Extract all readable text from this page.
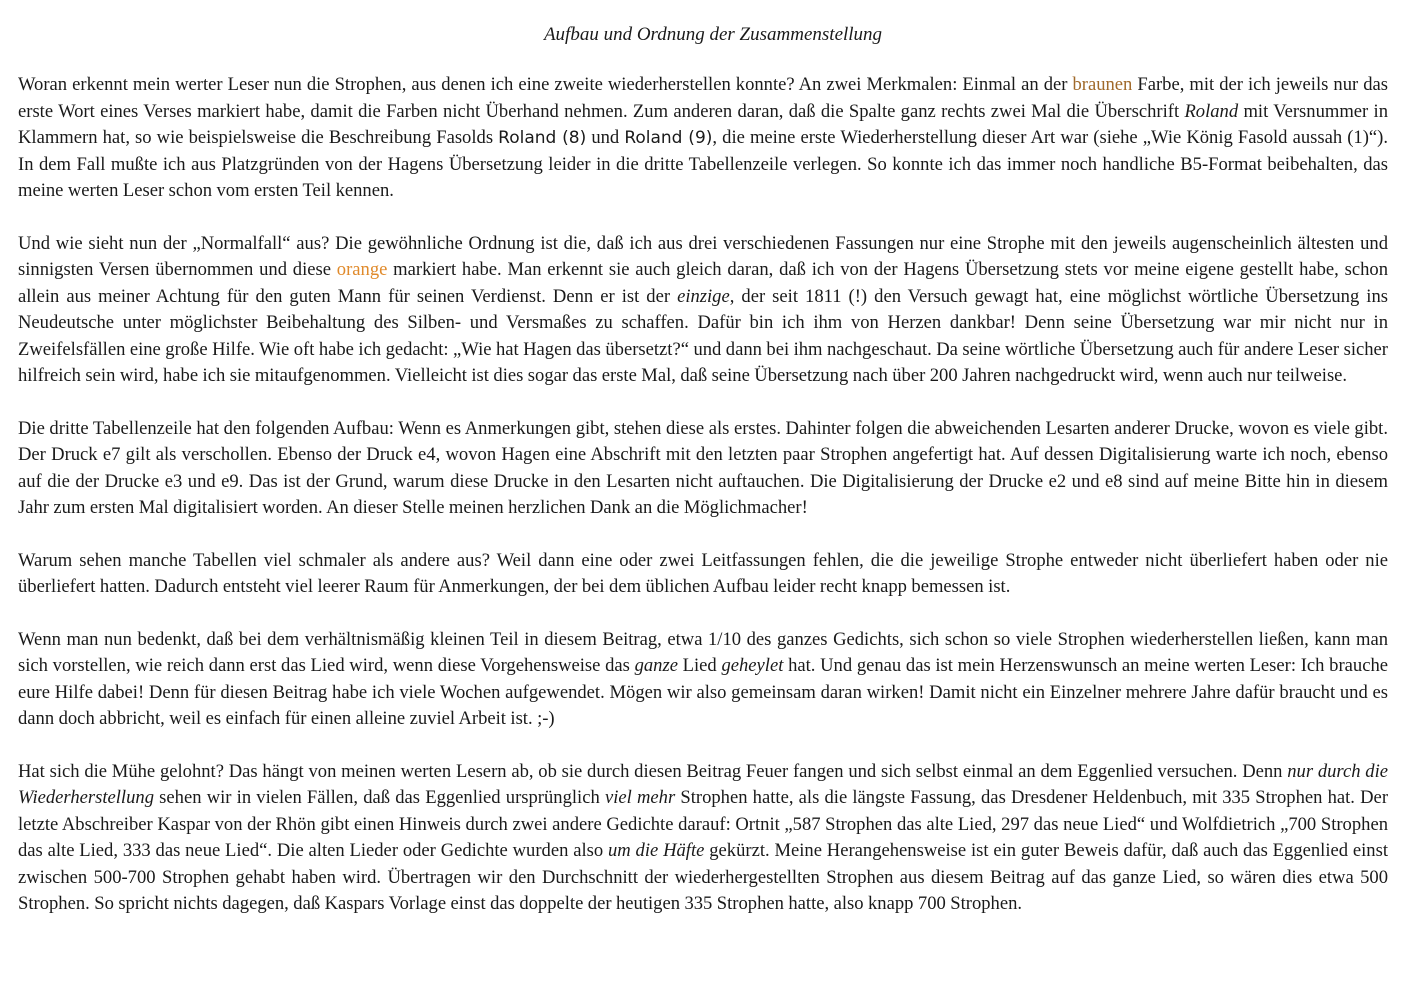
Aufbau und Ordnung der Zusammenstellung

Woran erkennt mein werter Leser nun die Strophen, aus denen ich eine zweite wiederherstellen konnte? An zwei Merkmalen: Einmal an der braunen Farbe, mit der ich jeweils nur das erste Wort eines Verses markiert habe, damit die Farben nicht Überhand nehmen. Zum anderen daran, daß die Spalte ganz rechts zwei Mal die Überschrift Roland mit Versnummer in Klammern hat, so wie beispielsweise die Beschreibung Fasolds Roland (8) und Roland (9), die meine erste Wiederherstellung dieser Art war (siehe „Wie König Fasold aussah (1)“). In dem Fall mußte ich aus Platzgründen von der Hagens Übersetzung leider in die dritte Tabellenzeile verlegen. So konnte ich das immer noch handliche B5-Format beibehalten, das meine werten Leser schon vom ersten Teil kennen.

Und wie sieht nun der „Normalfall“ aus? Die gewöhnliche Ordnung ist die, daß ich aus drei verschiedenen Fassungen nur eine Strophe mit den jeweils augenscheinlich ältesten und sinnigsten Versen übernommen und diese orange markiert habe. Man erkennt sie auch gleich daran, daß ich von der Hagens Übersetzung stets vor meine eigene gestellt habe, schon allein aus meiner Achtung für den guten Mann für seinen Verdienst. Denn er ist der einzige, der seit 1811 (!) den Versuch gewagt hat, eine möglichst wörtliche Übersetzung ins Neudeutsche unter möglichster Beibehaltung des Silben- und Versmaßes zu schaffen. Dafür bin ich ihm von Herzen dankbar! Denn seine Übersetzung war mir nicht nur in Zweifelsfällen eine große Hilfe. Wie oft habe ich gedacht: „Wie hat Hagen das übersetzt?“ und dann bei ihm nachgeschaut. Da seine wörtliche Übersetzung auch für andere Leser sicher hilfreich sein wird, habe ich sie mitaufgenommen. Vielleicht ist dies sogar das erste Mal, daß seine Übersetzung nach über 200 Jahren nachgedruckt wird, wenn auch nur teilweise.

Die dritte Tabellenzeile hat den folgenden Aufbau: Wenn es Anmerkungen gibt, stehen diese als erstes. Dahinter folgen die abweichenden Lesarten anderer Drucke, wovon es viele gibt. Der Druck e7 gilt als verschollen. Ebenso der Druck e4, wovon Hagen eine Abschrift mit den letzten paar Strophen angefertigt hat. Auf dessen Digitalisierung warte ich noch, ebenso auf die der Drucke e3 und e9. Das ist der Grund, warum diese Drucke in den Lesarten nicht auftauchen. Die Digitalisierung der Drucke e2 und e8 sind auf meine Bitte hin in diesem Jahr zum ersten Mal digitalisiert worden. An dieser Stelle meinen herzlichen Dank an die Möglichmacher!

Warum sehen manche Tabellen viel schmaler als andere aus? Weil dann eine oder zwei Leitfassungen fehlen, die die jeweilige Strophe entweder nicht überliefert haben oder nie überliefert hatten. Dadurch entsteht viel leerer Raum für Anmerkungen, der bei dem üblichen Aufbau leider recht knapp bemessen ist.

Wenn man nun bedenkt, daß bei dem verhältnismäßig kleinen Teil in diesem Beitrag, etwa 1/10 des ganzes Gedichts, sich schon so viele Strophen wiederherstellen ließen, kann man sich vorstellen, wie reich dann erst das Lied wird, wenn diese Vorgehensweise das ganze Lied geheylet hat. Und genau das ist mein Herzenswunsch an meine werten Leser: Ich brauche eure Hilfe dabei! Denn für diesen Beitrag habe ich viele Wochen aufgewendet. Mögen wir also gemeinsam daran wirken! Damit nicht ein Einzelner mehrere Jahre dafür braucht und es dann doch abbricht, weil es einfach für einen alleine zuviel Arbeit ist. ;-)

Hat sich die Mühe gelohnt? Das hängt von meinen werten Lesern ab, ob sie durch diesen Beitrag Feuer fangen und sich selbst einmal an dem Eggenlied versuchen. Denn nur durch die Wiederherstellung sehen wir in vielen Fällen, daß das Eggenlied ursprünglich viel mehr Strophen hatte, als die längste Fassung, das Dresdener Heldenbuch, mit 335 Strophen hat. Der letzte Abschreiber Kaspar von der Rhön gibt einen Hinweis durch zwei andere Gedichte darauf: Ortnit „587 Strophen das alte Lied, 297 das neue Lied“ und Wolfdietrich „700 Strophen das alte Lied, 333 das neue Lied“. Die alten Lieder oder Gedichte wurden also um die Häfte gekürzt. Meine Herangehensweise ist ein guter Beweis dafür, daß auch das Eggenlied einst zwischen 500-700 Strophen gehabt haben wird. Übertragen wir den Durchschnitt der wiederhergestellten Strophen aus diesem Beitrag auf das ganze Lied, so wären dies etwa 500 Strophen. So spricht nichts dagegen, daß Kaspars Vorlage einst das doppelte der heutigen 335 Strophen hatte, also knapp 700 Strophen.
